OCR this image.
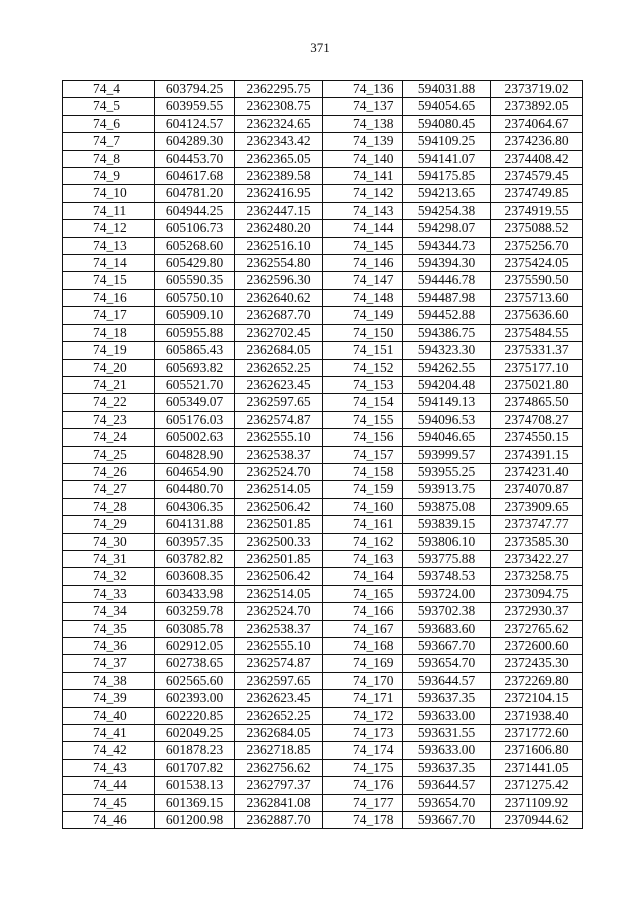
371
74_4	603794.25	2362295.75	74_136	594031.88	2373719.02
74_5	603959.55	2362308.75	74_137	594054.65	2373892.05
74_6	604124.57	2362324.65	74_138	594080.45	2374064.67
74_7	604289.30	2362343.42	74_139	594109.25	2374236.80
74_8	604453.70	2362365.05	74_140	594141.07	2374408.42
74_9	604617.68	2362389.58	74_141	594175.85	2374579.45
74_10	604781.20	2362416.95	74_142	594213.65	2374749.85
74_11	604944.25	2362447.15	74_143	594254.38	2374919.55
74_12	605106.73	2362480.20	74_144	594298.07	2375088.52
74_13	605268.60	2362516.10	74_145	594344.73	2375256.70
74_14	605429.80	2362554.80	74_146	594394.30	2375424.05
74_15	605590.35	2362596.30	74_147	594446.78	2375590.50
74_16	605750.10	2362640.62	74_148	594487.98	2375713.60
74_17	605909.10	2362687.70	74_149	594452.88	2375636.60
74_18	605955.88	2362702.45	74_150	594386.75	2375484.55
74_19	605865.43	2362684.05	74_151	594323.30	2375331.37
74_20	605693.82	2362652.25	74_152	594262.55	2375177.10
74_21	605521.70	2362623.45	74_153	594204.48	2375021.80
74_22	605349.07	2362597.65	74_154	594149.13	2374865.50
74_23	605176.03	2362574.87	74_155	594096.53	2374708.27
74_24	605002.63	2362555.10	74_156	594046.65	2374550.15
74_25	604828.90	2362538.37	74_157	593999.57	2374391.15
74_26	604654.90	2362524.70	74_158	593955.25	2374231.40
74_27	604480.70	2362514.05	74_159	593913.75	2374070.87
74_28	604306.35	2362506.42	74_160	593875.08	2373909.65
74_29	604131.88	2362501.85	74_161	593839.15	2373747.77
74_30	603957.35	2362500.33	74_162	593806.10	2373585.30
74_31	603782.82	2362501.85	74_163	593775.88	2373422.27
74_32	603608.35	2362506.42	74_164	593748.53	2373258.75
74_33	603433.98	2362514.05	74_165	593724.00	2373094.75
74_34	603259.78	2362524.70	74_166	593702.38	2372930.37
74_35	603085.78	2362538.37	74_167	593683.60	2372765.62
74_36	602912.05	2362555.10	74_168	593667.70	2372600.60
74_37	602738.65	2362574.87	74_169	593654.70	2372435.30
74_38	602565.60	2362597.65	74_170	593644.57	2372269.80
74_39	602393.00	2362623.45	74_171	593637.35	2372104.15
74_40	602220.85	2362652.25	74_172	593633.00	2371938.40
74_41	602049.25	2362684.05	74_173	593631.55	2371772.60
74_42	601878.23	2362718.85	74_174	593633.00	2371606.80
74_43	601707.82	2362756.62	74_175	593637.35	2371441.05
74_44	601538.13	2362797.37	74_176	593644.57	2371275.42
74_45	601369.15	2362841.08	74_177	593654.70	2371109.92
74_46	601200.98	2362887.70	74_178	593667.70	2370944.62
